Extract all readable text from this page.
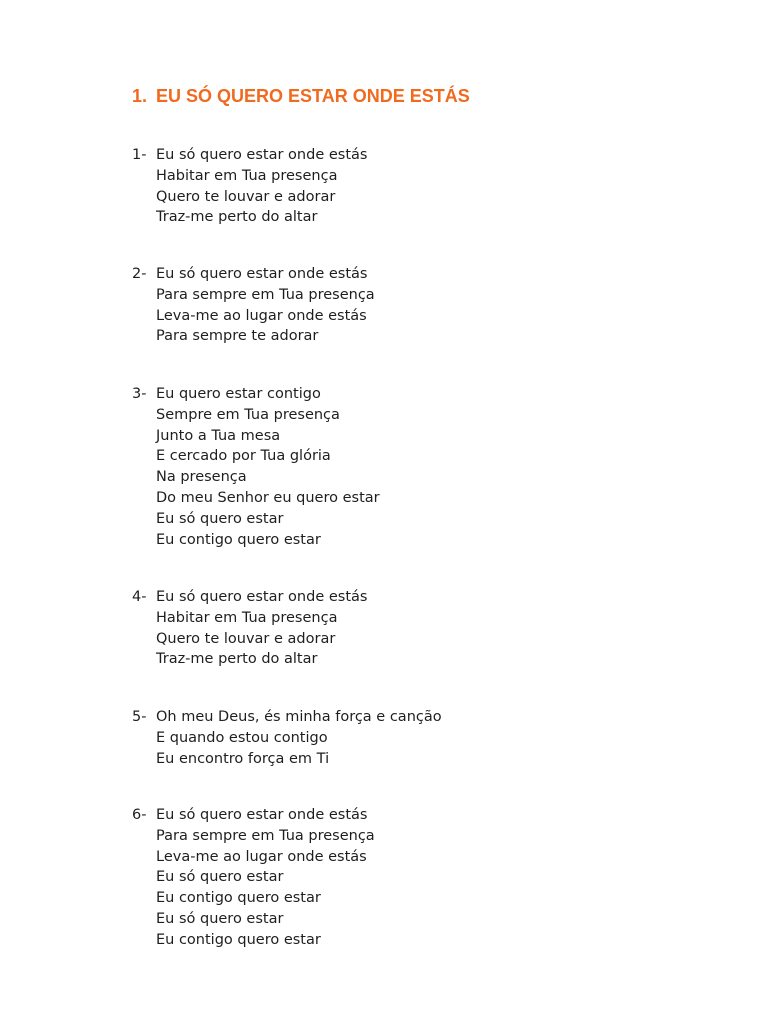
1. EU SÓ QUERO ESTAR ONDE ESTÁS
1- Eu só quero estar onde estás
Habitar em Tua presença
Quero te louvar e adorar
Traz-me perto do altar
2- Eu só quero estar onde estás
Para sempre em Tua presença
Leva-me ao lugar onde estás
Para sempre te adorar
3- Eu quero estar contigo
Sempre em Tua presença
Junto a Tua mesa
E cercado por Tua glória
Na presença
Do meu Senhor eu quero estar
Eu só quero estar
Eu contigo quero estar
4- Eu só quero estar onde estás
Habitar em Tua presença
Quero te louvar e adorar
Traz-me perto do altar
5- Oh meu Deus, és minha força e canção
E quando estou contigo
Eu encontro força em Ti
6- Eu só quero estar onde estás
Para sempre em Tua presença
Leva-me ao lugar onde estás
Eu só quero estar
Eu contigo quero estar
Eu só quero estar
Eu contigo quero estar
